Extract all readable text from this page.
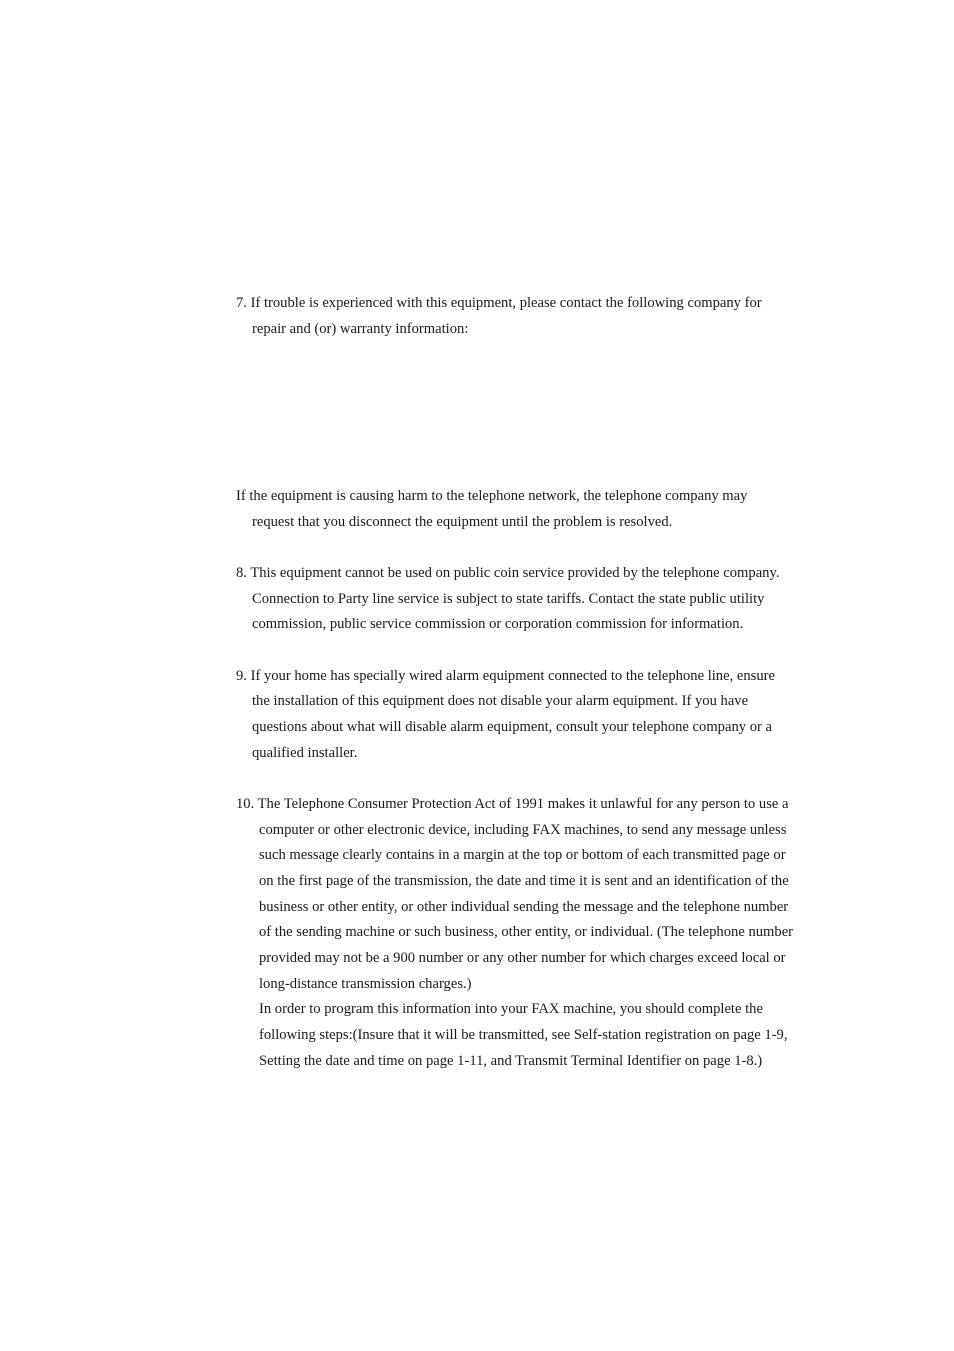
7. If trouble is experienced with this equipment, please contact the following company for
repair and (or) warranty information:
If the equipment is causing harm to the telephone network, the telephone company may
request that you disconnect the equipment until the problem is resolved.
8. This equipment cannot be used on public coin service provided by the telephone company.
Connection to Party line service is subject to state tariffs. Contact the state public utility
commission, public service commission or corporation commission for information.
9. If your home has specially wired alarm equipment connected to the telephone line, ensure
the installation of this equipment does not disable your alarm equipment. If you have
questions about what will disable alarm equipment, consult your telephone company or a
qualified installer.
10. The Telephone Consumer Protection Act of 1991 makes it unlawful for any person to use a
computer or other electronic device, including FAX machines, to send any message unless
such message clearly contains in a margin at the top or bottom of each transmitted page or
on the first page of the transmission, the date and time it is sent and an identification of the
business or other entity, or other individual sending the message and the telephone number
of the sending machine or such business, other entity, or individual. (The telephone number
provided may not be a 900 number or any other number for which charges exceed local or
long-distance transmission charges.)
In order to program this information into your FAX machine, you should complete the
following steps:(Insure that it will be transmitted, see Self-station registration on page 1-9,
Setting the date and time on page 1-11, and Transmit Terminal Identifier on page 1-8.)
